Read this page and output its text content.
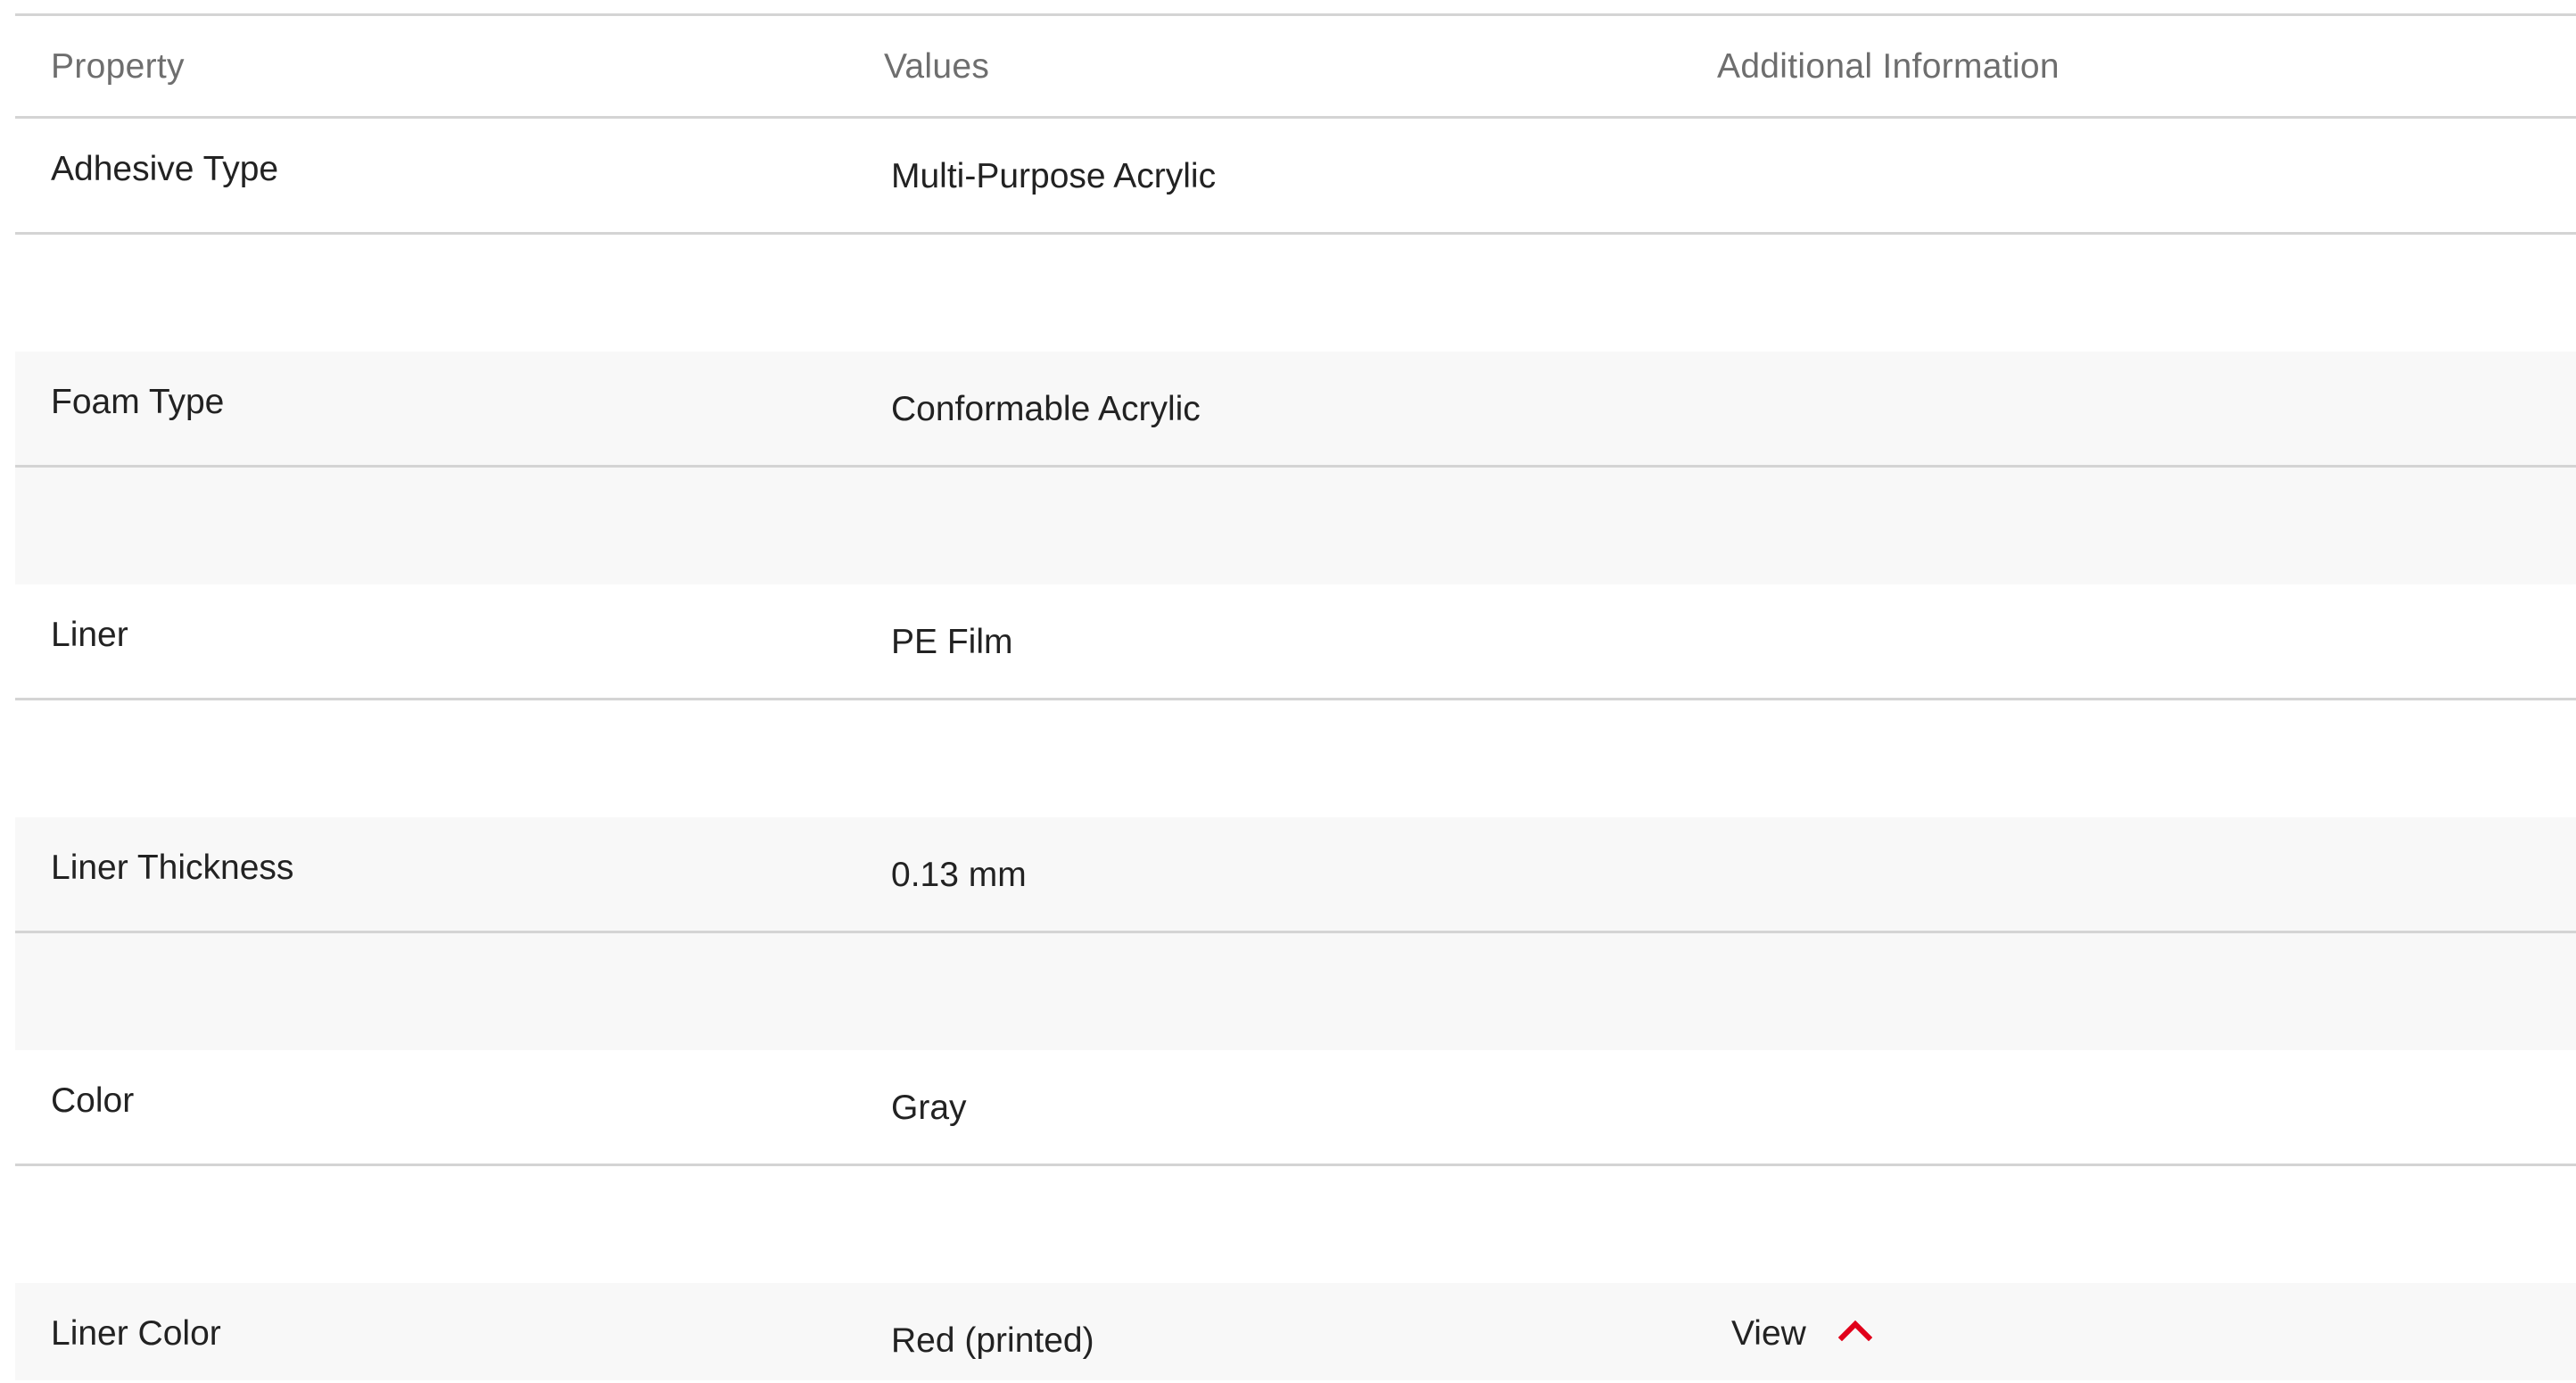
Property	Values	Additional Information
Adhesive Type	Multi-Purpose Acrylic
Foam Type	Conformable Acrylic
Liner	PE Film
Liner Thickness	0.13 mm
Color	Gray
Liner Color	Red (printed)	View
